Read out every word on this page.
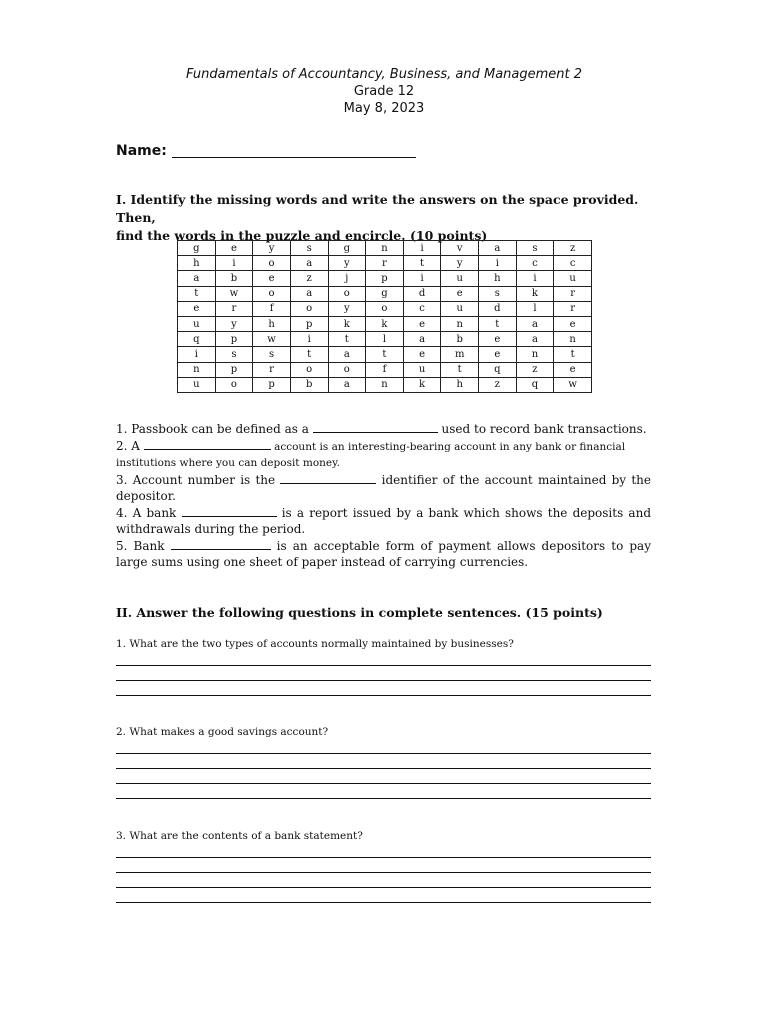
Fundamentals of Accountancy, Business, and Management 2
Grade 12
May 8, 2023
Name:
I. Identify the missing words and write the answers on the space provided. Then,
find the words in the puzzle and encircle. (10 points)
g	e	y	s	g	n	i	v	a	s	z
h	i	o	a	y	r	t	y	i	c	c
a	b	e	z	j	p	i	u	h	i	u
t	w	o	a	o	g	d	e	s	k	r
e	r	f	o	y	o	c	u	d	l	r
u	y	h	p	k	k	e	n	t	a	e
q	p	w	i	t	l	a	b	e	a	n
i	s	s	t	a	t	e	m	e	n	t
n	p	r	o	o	f	u	t	q	z	e
u	o	p	b	a	n	k	h	z	q	w

1. Passbook can be defined as a	used to record bank transactions.

2. A	account is an interesting-bearing account in any bank or financial institutions where you can deposit money.

3. Account number is the	identifier of the account maintained by the depositor.

4. A bank	is a report issued by a bank which shows the deposits and withdrawals during the period.

5. Bank	is an acceptable form of payment allows depositors to pay large sums using one sheet of paper instead of carrying currencies.

II. Answer the following questions in complete sentences. (15 points)
1. What are the two types of accounts normally maintained by businesses?
2. What makes a good savings account?
3. What are the contents of a bank statement?
